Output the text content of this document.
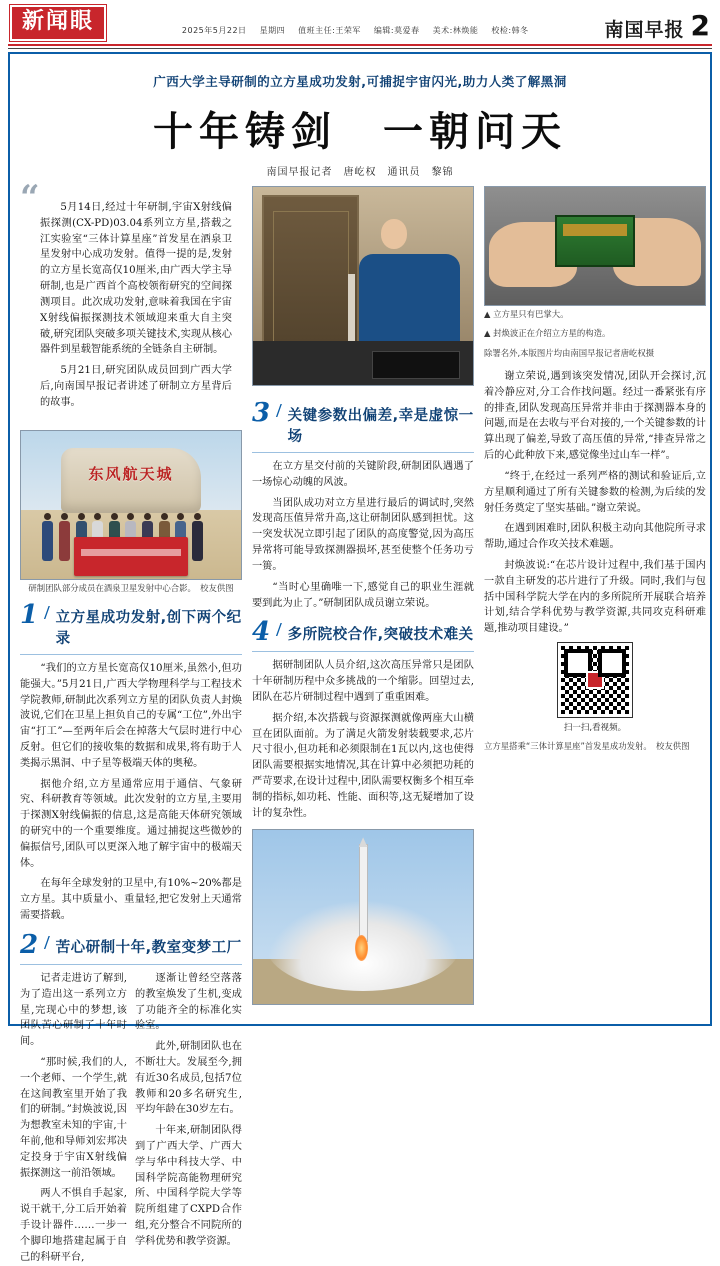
新闻眼	2025年5月22日 星期四 值班主任:王荣军 编辑:莫爱春 美术:林焕能 校检:韩冬	南国早报 2
广西大学主导研制的立方星成功发射,可捕捉宇宙闪光,助力人类了解黑洞
十年铸剑　一朝问天
南国早报记者　唐屹权　通讯员　黎锦
“	5月14日,经过十年研制,宇宙X射线偏振探测(CX-PD)03.04系列立方星,搭载之江实验室“三体计算星座”首发星在酒泉卫星发射中心成功发射。值得一提的是,发射的立方星长宽高仅10厘米,由广西大学主导研制,也是广西首个高校领衔研究的空间探测项目。此次成功发射,意味着我国在宇宙X射线偏振探测技术领域迎来重大自主突破,研究团队突破多项关键技术,实现从核心器件到星载智能系统的全链条自主研制。

5月21日,研究团队成员回到广西大学后,向南国早报记者讲述了研制立方星背后的故事。

东风航天城
研制团队部分成员在酒泉卫星发射中心合影。　校友供图
1 / 立方星成功发射,创下两个纪录

“我们的立方星长宽高仅10厘米,虽然小,但功能强大。”5月21日,广西大学物理科学与工程技术学院教师,研制此次系列立方星的团队负责人封焕波说,它们在卫星上担负自己的专属“工位”,外出宇宙“打工”—至两年后会在掉落大气层时进行中心反射。但它们的接收集的数据和成果,将有助于人类揭示黑洞、中子星等极端天体的奥秘。

据他介绍,立方星通常应用于通信、气象研究、科研教育等领域。此次发射的立方星,主要用于探测X射线偏振的信息,这是高能天体研究领域的研究中的一个重要维度。通过捕捉这些微妙的偏振信号,团队可以更深入地了解宇宙中的极端天体。

在每年全球发射的卫星中,有10%~20%都是立方星。其中质量小、重量轻,把它发射上天通常需要搭载。

2 / 苦心研制十年,教室变梦工厂

记者走进访了解到,为了造出这一系列立方星,完现心中的梦想,该团队苦心研制了十年时间。

“那时候,我们的人,一个老师、一个学生,就在这间教室里开始了我们的研制。”封焕波说,因为想教室未知的宇宙,十年前,他和导师刘宏邦决定投身于宇宙X射线偏振探测这一前沿领域。

两人不惧自手起家,说干就干,分工后开始着手设计器件……一步一个脚印地搭建起属于自己的科研平台,

逐渐让曾经空落落的教室焕发了生机,变成了功能齐全的标准化实验室。

此外,研制团队也在不断壮大。发展至今,拥有近30名成员,包括7位教师和20多名研究生,平均年龄在30岁左右。

十年来,研制团队得到了广西大学、广西大学与华中科技大学、中国科学院高能物理研究所、中国科学院大学等院所组建了CXPD合作组,充分整合不同院所的学科优势和教学资源。

3 / 关键参数出偏差,幸是虚惊一场

在立方星交付前的关键阶段,研制团队遇遇了一场惊心动魄的风波。

当团队成功对立方星进行最后的调试时,突然发现高压值异常升高,这让研制团队感到担忧。这一突发状况立即引起了团队的高度警觉,因为高压异常将可能导致探测器损坏,甚至使整个任务功亏一篑。

“当时心里确唯一下,感觉自己的职业生涯就要到此为止了。”研制团队成员谢立荣说。

4 / 多所院校合作,突破技术难关

据研制团队人员介绍,这次高压异常只是团队十年研制历程中众多挑战的一个缩影。回望过去,团队在芯片研制过程中遇到了重重困难。

据介绍,本次搭载与资源探测就像两座大山横亘在团队面前。为了满足火箭发射装载要求,芯片尺寸很小,但功耗和必须限制在1瓦以内,这也使得团队需要根据实地情况,其在计算中必须把功耗的严苛要求,在设计过程中,团队需要权衡多个相互牵制的指标,如功耗、性能、面积等,这无疑增加了设计的复杂性。

▲ 立方星只有巴掌大。
▲ 封焕波正在介绍立方星的构造。
除署名外,本版图片均由南国早报记者唐屹权摄

谢立荣说,遇到该突发情况,团队开会探讨,沉着冷静应对,分工合作找问题。经过一番紧张有序的排查,团队发现高压异常并非由于探测器本身的问题,而是在去收与平台对接的,一个关键参数的计算出现了偏差,导致了高压值的异常,“排查异常之后的心此种放下来,感觉像坐过山车一样”。

“终于,在经过一系列严格的测试和验证后,立方星顺利通过了所有关键参数的检测,为后续的发射任务奠定了坚实基础。”谢立荣说。

在遇到困难时,团队积极主动向其他院所寻求帮助,通过合作攻关技术难题。

封焕波说:“在芯片设计过程中,我们基于国内一款自主研发的芯片进行了升级。同时,我们与包括中国科学院大学在内的多所院所开展联合培养计划,结合学科优势与教学资源,共同攻克科研难题,推动项目建设。”

扫一扫,看视频。
立方星搭乘“三体计算星座”首发星成功发射。　校友供图
